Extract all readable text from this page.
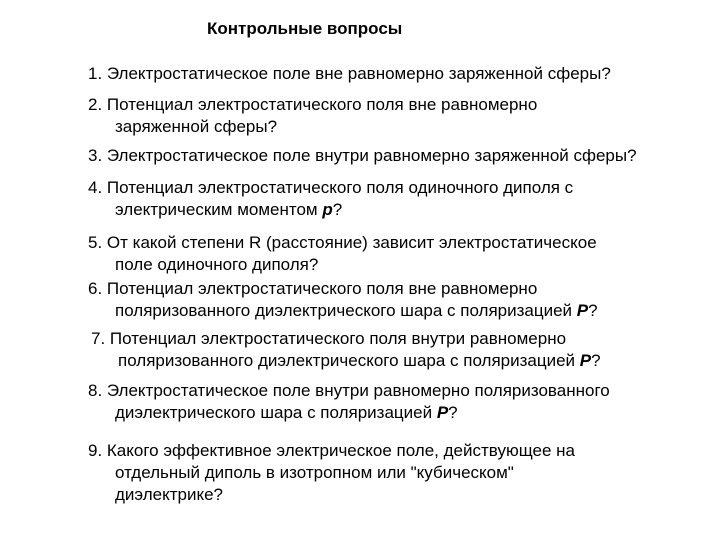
Контрольные вопросы
1. Электростатическое поле вне равномерно заряженной сферы?
2. Потенциал электростатического поля вне равномерно
заряженной сферы?
3. Электростатическое поле внутри равномерно заряженной сферы?
4. Потенциал электростатического поля одиночного диполя с
электрическим моментом p?
5. От какой степени R (расстояние) зависит электростатическое
поле одиночного диполя?
6. Потенциал электростатического поля вне равномерно
поляризованного диэлектрического шара с поляризацией P?
7. Потенциал электростатического поля внутри равномерно
поляризованного диэлектрического шара с поляризацией P?
8. Электростатическое поле внутри равномерно поляризованного
диэлектрического шара с поляризацией P?
9. Какого эффективное электрическое поле, действующее на
отдельный диполь в изотропном или "кубическом"
диэлектрике?
